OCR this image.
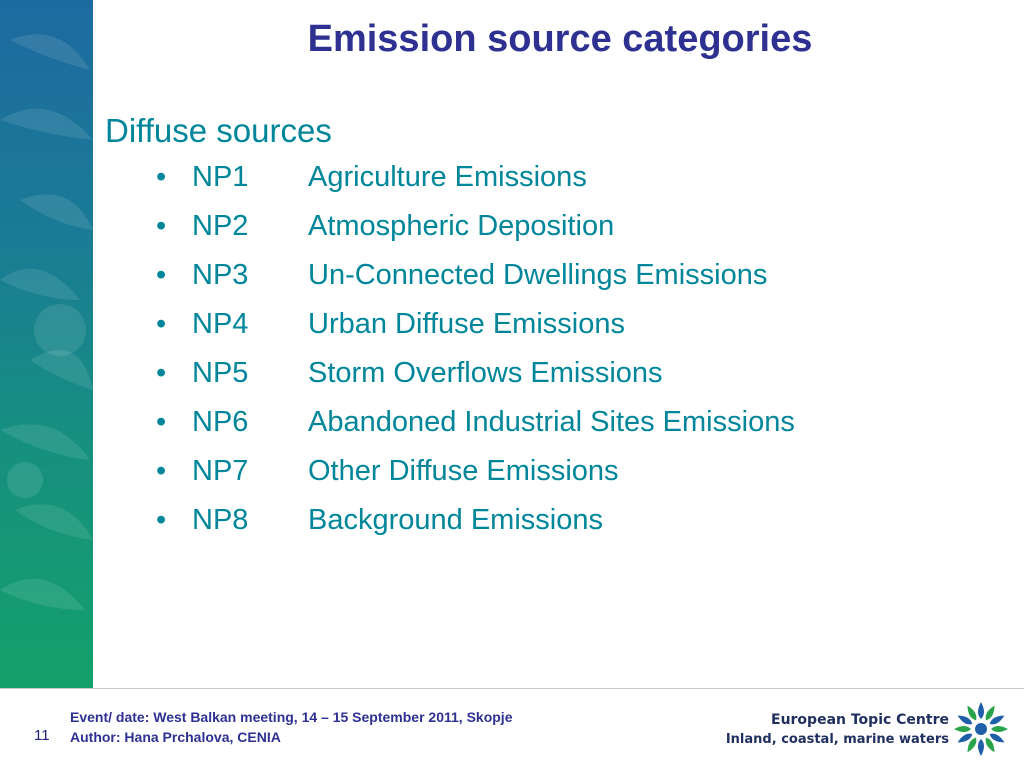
Emission source categories
Diffuse sources
• NP1	Agriculture Emissions
• NP2	Atmospheric Deposition
• NP3	Un-Connected Dwellings Emissions
• NP4	Urban Diffuse Emissions
• NP5	Storm Overflows Emissions
• NP6	Abandoned Industrial Sites Emissions
• NP7	Other Diffuse Emissions
• NP8	Background Emissions
11
Event/ date: West Balkan meeting, 14 – 15 September 2011, Skopje
Author: Hana Prchalova, CENIA
European Topic Centre
Inland, coastal, marine waters
